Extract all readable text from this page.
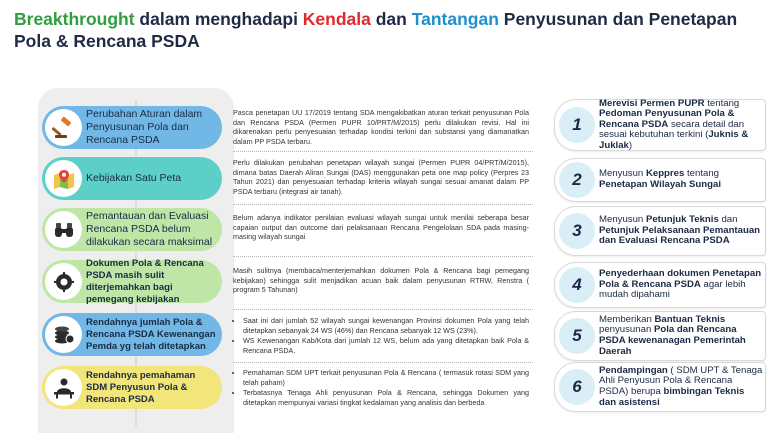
Breakthrought dalam menghadapi Kendala dan Tantangan Penyusunan dan Penetapan Pola & Rencana PSDA
Perubahan Aturan dalam Penyusunan Pola dan Rencana PSDA
Pasca penetapan UU 17/2019 tentang SDA mengakibatkan aturan terkait penyusunan Pola dan Rencana PSDA (Permen PUPR 10/PRT/M/2015) perlu dilakukan revisi. Hal ini dikarenakan perlu penyesuaian terhadap kondisi terkini dan substansi yang diamanatkan dalam PP PSDA terbaru.
1
Merevisi Permen PUPR tentang Pedoman Penyusunan Pola & Rencana PSDA secara detail dan sesuai kebutuhan terkini (Juknis & Juklak)
Kebijakan Satu Peta
Perlu dilakukan perubahan penetapan wilayah sungai (Permen PUPR 04/PRT/M/2015), dimana batas Daerah Aliran Sungai (DAS) menggunakan peta one map policy (Perpres 23 Tahun 2021) dan penyesuaian terhadap kriteria wilayah sungai sesuai amanat dalam PP PSDA terbaru (integrasi air tanah).
2	Menyusun Keppres tentang Penetapan Wilayah Sungai
Pemantauan dan Evaluasi Rencana PSDA belum dilakukan secara maksimal
Belum adanya indikator penilaian evaluasi wilayah sungai untuk menilai seberapa besar capaian output dan outcome dari pelaksanaan Rencana Pengelolaan SDA pada masing-masing wilayah sungai	3
Menyusun Petunjuk Teknis dan Petunjuk Pelaksanaan Pemantauan dan Evaluasi Rencana PSDA
Dokumen Pola & Rencana PSDA masih sulit diterjemahkan bagi pemegang kebijakan
Masih sulitnya (membaca/menterjemahkan dokumen Pola & Rencana bagi pemegang kebijakan) sehingga sulit menjadikan acuan baik dalam penyusunan RTRW, Renstra ( program 5 Tahunan)	4
Penyederhaan dokumen Penetapan Pola & Rencana PSDA agar lebih mudah dipahami
Rendahnya jumlah Pola & Rencana PSDA Kewenangan Pemda yg telah ditetapkan
• Saat ini dari jumlah 52 wilayah sungai kewenangan Provinsi dokumen Pola yang telah ditetapkan sebanyak 24 WS (46%) dan Rencana sebanyak 12 WS (23%).
• WS Kewenangan Kab/Kota dari jumlah 12 WS, belum ada yang ditetapkan baik Pola & Rencana PSDA.
5
Memberikan Bantuan Teknis penyusunan Pola dan Rencana PSDA kewenanagan Pemerintah Daerah
Rendahnya pemahaman SDM Penyusun Pola & Rencana PSDA
• Pemahaman SDM UPT terkait penyusunan Pola & Rencana ( termasuk rotasi SDM yang telah paham)
• Terbatasnya Tenaga Ahli penyusunan Pola & Rencana, sehingga Dokumen yang ditetapkan mempunyai variasi tingkat kedalaman yang analisis dan berbeda
6
Pendampingan ( SDM UPT & Tenaga Ahli Penyusun Pola & Rencana PSDA) berupa bimbingan Teknis dan asistensi
